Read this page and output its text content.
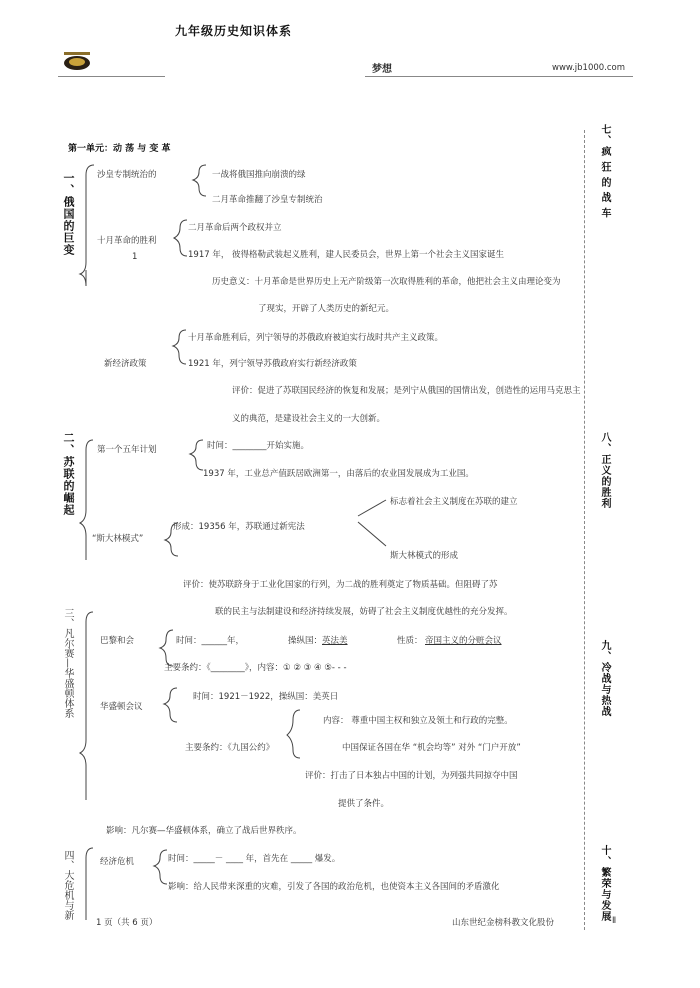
九年级历史知识体系
梦想	www.jb1000.com
第一单元：动 荡 与 变 革
一、俄国的巨变
二、苏联的崛起
三、凡尔赛—华盛顿体系
四、大危机与新
七、疯 狂 的 战 车
八、正义的胜利
九、冷战与热战
十、繁荣与发展
沙皇专制统治的	一战将俄国推向崩溃的绿
二月革命推翻了沙皇专制统治
十月革命的胜利
1
二月革命后两个政权并立
1917 年， 彼得格勒武装起义胜利，建人民委员会，世界上第一个社会主义国家诞生
历史意义：十月革命是世界历史上无产阶级第一次取得胜利的革命，他把社会主义由理论变为
了现实，开辟了人类历史的新纪元。
十月革命胜利后，列宁领导的苏俄政府被迫实行战时共产主义政策。
新经济政策	1921 年，列宁领导苏俄政府实行新经济政策
评价：促进了苏联国民经济的恢复和发展；是列宁从俄国的国情出发，创造性的运用马克思主
义的典范，是建设社会主义的一大创新。
第一个五年计划	时间：________开始实施。
1937 年，工业总产值跃居欧洲第一，由落后的农业国发展成为工业国。
标志着社会主义制度在苏联的建立
“斯大林模式”
形成：19356 年，苏联通过新宪法
斯大林模式的形成
评价：使苏联跻身于工业化国家的行列，为二战的胜利奠定了物质基础。但阻碍了苏
联的民主与法制建设和经济持续发展，妨碍了社会主义制度优越性的充分发挥。
巴黎和会	时间：______年，	操纵国： 英法美	性质： 帝国主义的分赃会议
主要条约：《________》，内容：① ② ③ ④ ⑤- - -
华盛顿会议
时间：1921－1922，操纵国：美英日
主要条约：《九国公约》
内容： 尊重中国主权和独立及领土和行政的完整。
中国保证各国在华 “机会均等” 对外 “门户开放”
评价：打击了日本独占中国的计划，为列强共同掠夺中国
提供了条件。
影响：凡尔赛—华盛顿体系，确立了战后世界秩序。
经济危机	时间：_____－ ____ 年，首先在 _____ 爆发。
影响：给人民带来深重的灾难，引发了各国的政治危机，也使资本主义各国间的矛盾激化
1 页（共 6 页）	山东世纪金榜科教文化股份	Ⅱ
